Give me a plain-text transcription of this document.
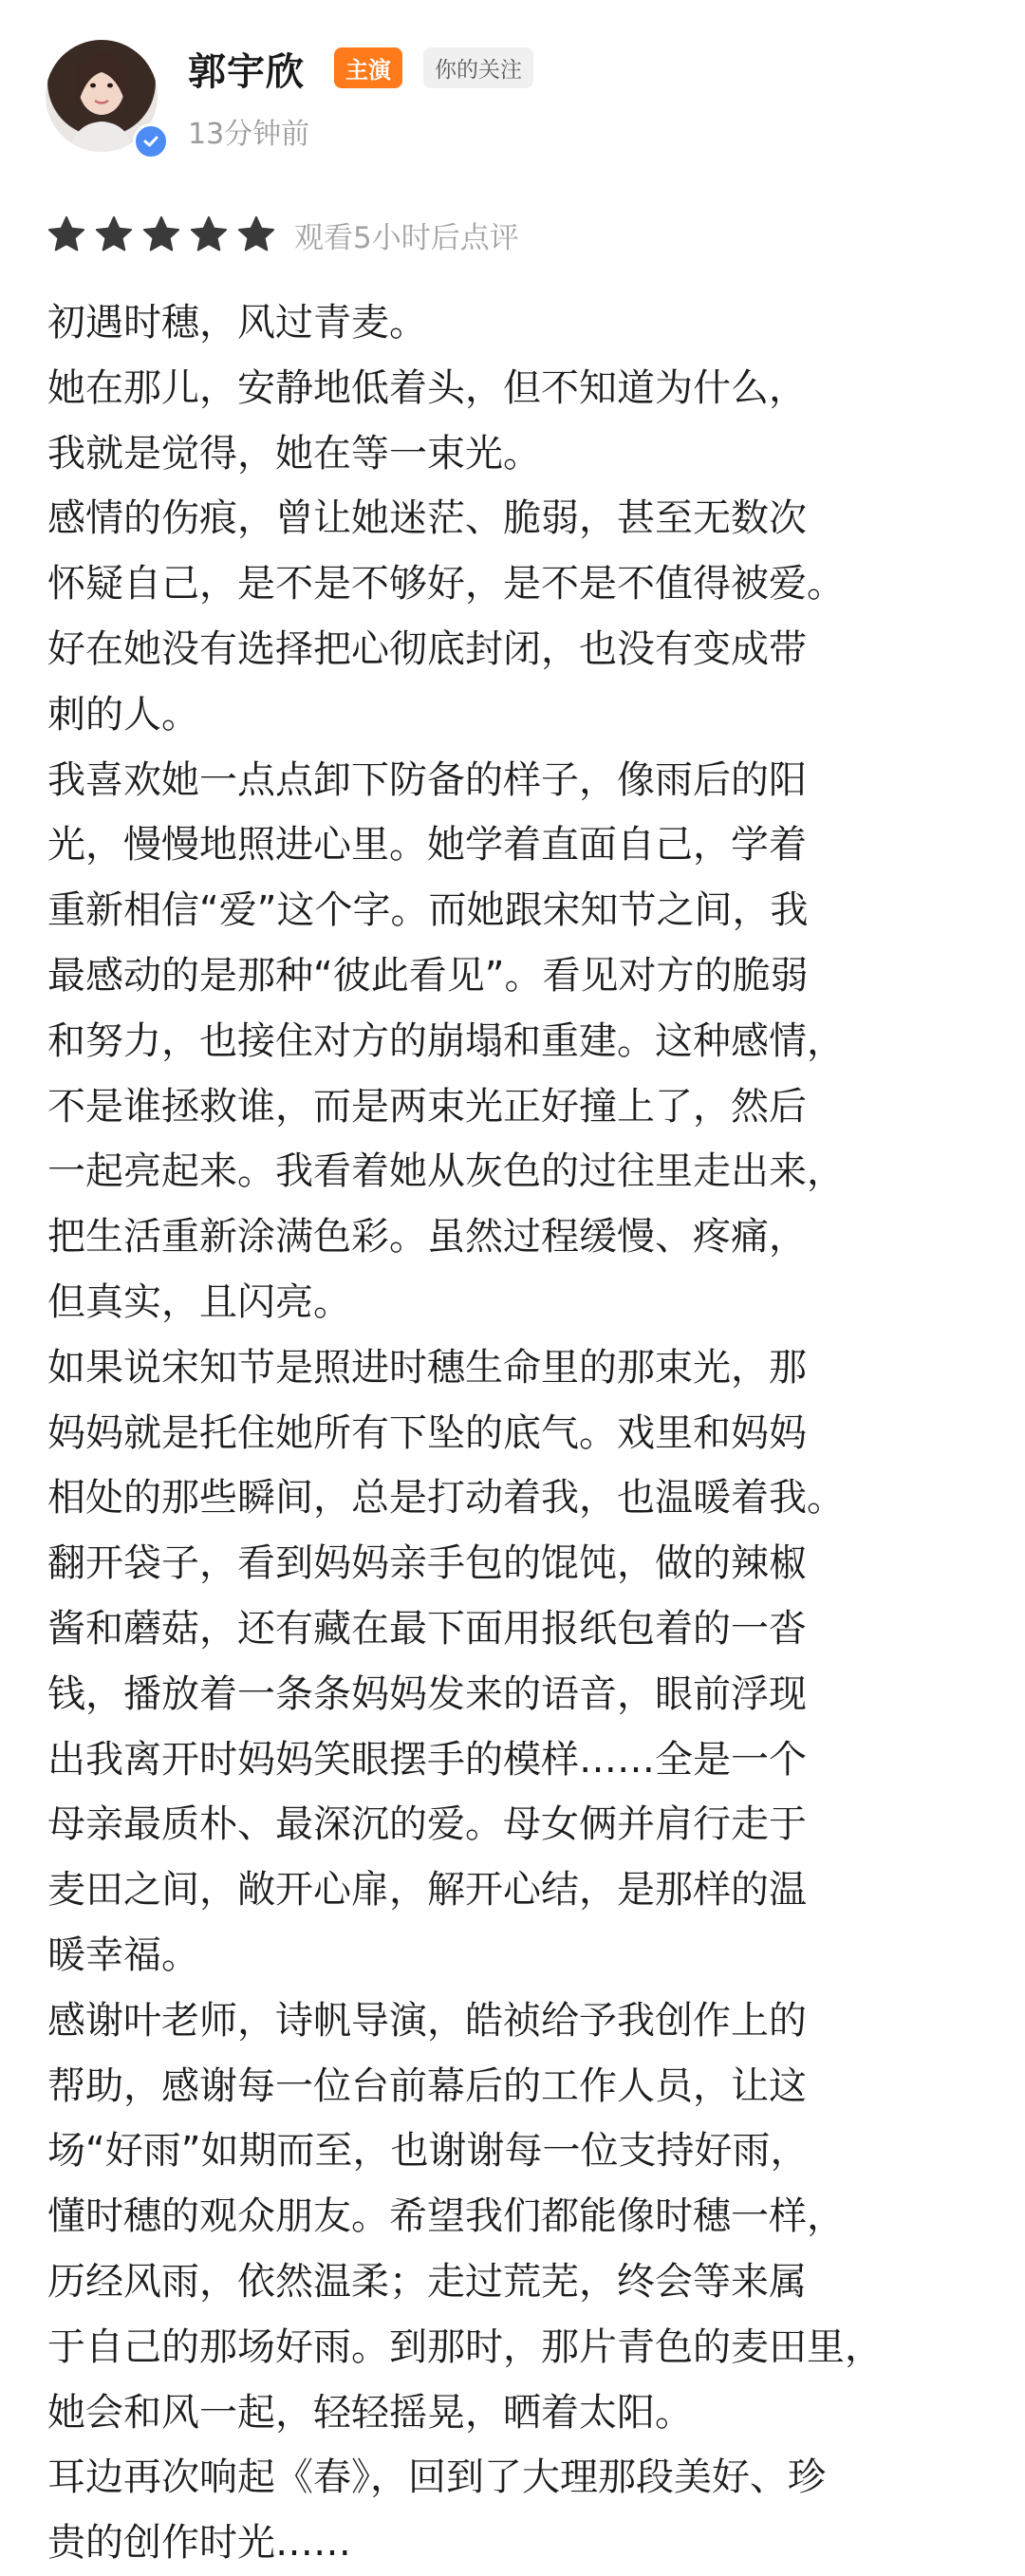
郭宇欣	主演	你的关注
13分钟前
观看5小时后点评
初遇时穗，风过青麦。
她在那儿，安静地低着头，但不知道为什么，
我就是觉得，她在等一束光。
感情的伤痕，曾让她迷茫、脆弱，甚至无数次
怀疑自己，是不是不够好，是不是不值得被爱。
好在她没有选择把心彻底封闭，也没有变成带
刺的人。
我喜欢她一点点卸下防备的样子，像雨后的阳
光，慢慢地照进心里。她学着直面自己，学着
重新相信“爱”这个字。而她跟宋知节之间，我
最感动的是那种“彼此看见”。看见对方的脆弱
和努力，也接住对方的崩塌和重建。这种感情，
不是谁拯救谁，而是两束光正好撞上了，然后
一起亮起来。我看着她从灰色的过往里走出来，
把生活重新涂满色彩。虽然过程缓慢、疼痛，
但真实，且闪亮。
如果说宋知节是照进时穗生命里的那束光，那
妈妈就是托住她所有下坠的底气。戏里和妈妈
相处的那些瞬间，总是打动着我，也温暖着我。
翻开袋子，看到妈妈亲手包的馄饨，做的辣椒
酱和蘑菇，还有藏在最下面用报纸包着的一沓
钱，播放着一条条妈妈发来的语音，眼前浮现
出我离开时妈妈笑眼摆手的模样……全是一个
母亲最质朴、最深沉的爱。母女俩并肩行走于
麦田之间，敞开心扉，解开心结，是那样的温
暖幸福。
感谢叶老师，诗帆导演，皓祯给予我创作上的
帮助，感谢每一位台前幕后的工作人员，让这
场“好雨”如期而至，也谢谢每一位支持好雨，
懂时穗的观众朋友。希望我们都能像时穗一样，
历经风雨，依然温柔；走过荒芜，终会等来属
于自己的那场好雨。到那时，那片青色的麦田里，
她会和风一起，轻轻摇晃，晒着太阳。
耳边再次响起《春》，回到了大理那段美好、珍
贵的创作时光……
